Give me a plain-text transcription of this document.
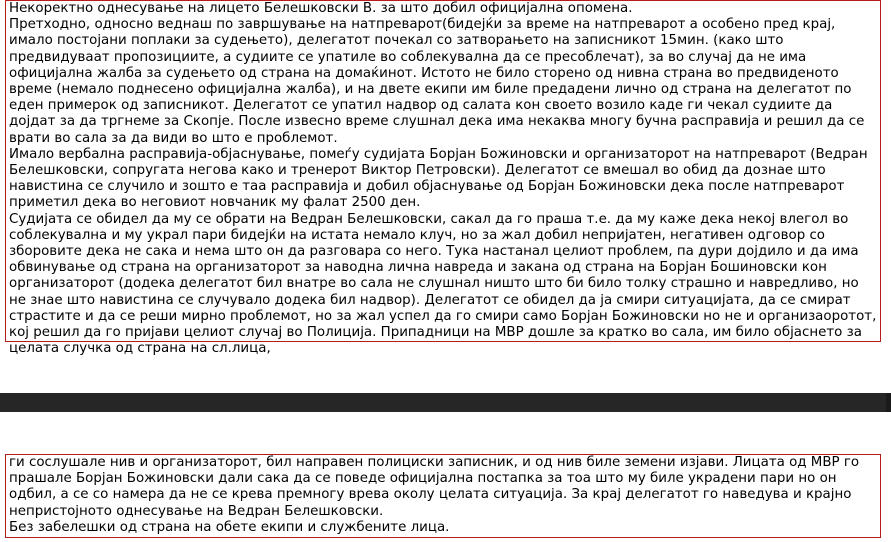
Некоректно однесување на лицето Белешковски В. за што добил официјална опомена.

Претходно, односно веднаш по завршување на натпреварот(бидејќи за време на натпреварот а особено пред крај, имало постојани поплаки за судењето), делегатот почекал со затворањето на записникот 15мин. (како што предвидуваат пропозициите, а судиите се упатиле во соблекувална да се пресоблечат), за во случај да не има официјална жалба за судењето од страна на домаќинот. Истото не било сторено од нивна страна во предвиденото време (немало поднесено официјална жалба), и на двете екипи им биле предадени лично од страна на делегатот по еден примерок од записникот. Делегатот се упатил надвор од салата кон своето возило каде ги чекал судиите да дојдат за да тргнеме за Скопје. После извесно време слушнал дека има некаква многу бучна расправија и решил да се врати во сала за да види во што е проблемот.

Имало вербална расправија-објаснување, помеѓу судијата Борјан Божиновски и организаторот на натпреварот (Ведран Белешковски, сопругата негова како и тренерот Виктор Петровски). Делегатот се вмешал во обид да дознае што навистина се случило и зошто е таа расправија и добил објаснување од Борјан Божиновски дека после натпреварот приметил дека во неговиот новчаник му фалат 2500 ден.

Судијата се обидел да му се обрати на Ведран Белешковски, сакал да го праша т.е. да му каже дека некој влегол во соблекувална и му украл пари бидејќи на истата немало клуч, но за жал добил непријатен, негативен одговор со зборовите дека не сака и нема што он да разговара со него. Тука настанал целиот проблем, па дури дојдило и да има обвинување од страна на организаторот за наводна лична навреда и закана од страна на Борјан Бошиновски кон организаторот (додека делегатот бил внатре во сала не слушнал ништо што би било толку страшно и навредливо, но не знае што навистина се случувало додека бил надвор). Делегатот се обидел да ја смири ситуацијата, да се смират страстите и да се реши мирно проблемот, но за жал успел да го смири само Борјан Божиновски но не и организаоротот, кој решил да го пријави целиот случај во Полиција. Припадници на МВР дошле за кратко во сала, им било објаснето за целата случка од страна на сл.лица,

ги сослушале нив и организаторот, бил направен полициски записник, и од нив биле земени изјави. Лицата од МВР го прашале Борјан Божиновски дали сака да се поведе официјална постапка за тоа што му биле украдени пари но он одбил, а се со намера да не се крева премногу врева околу целата ситуација. За крај делегатот го наведува и крајно непристојното однесување на Ведран Белешковски.

Без забелешки од страна на обете екипи и службените лица.
